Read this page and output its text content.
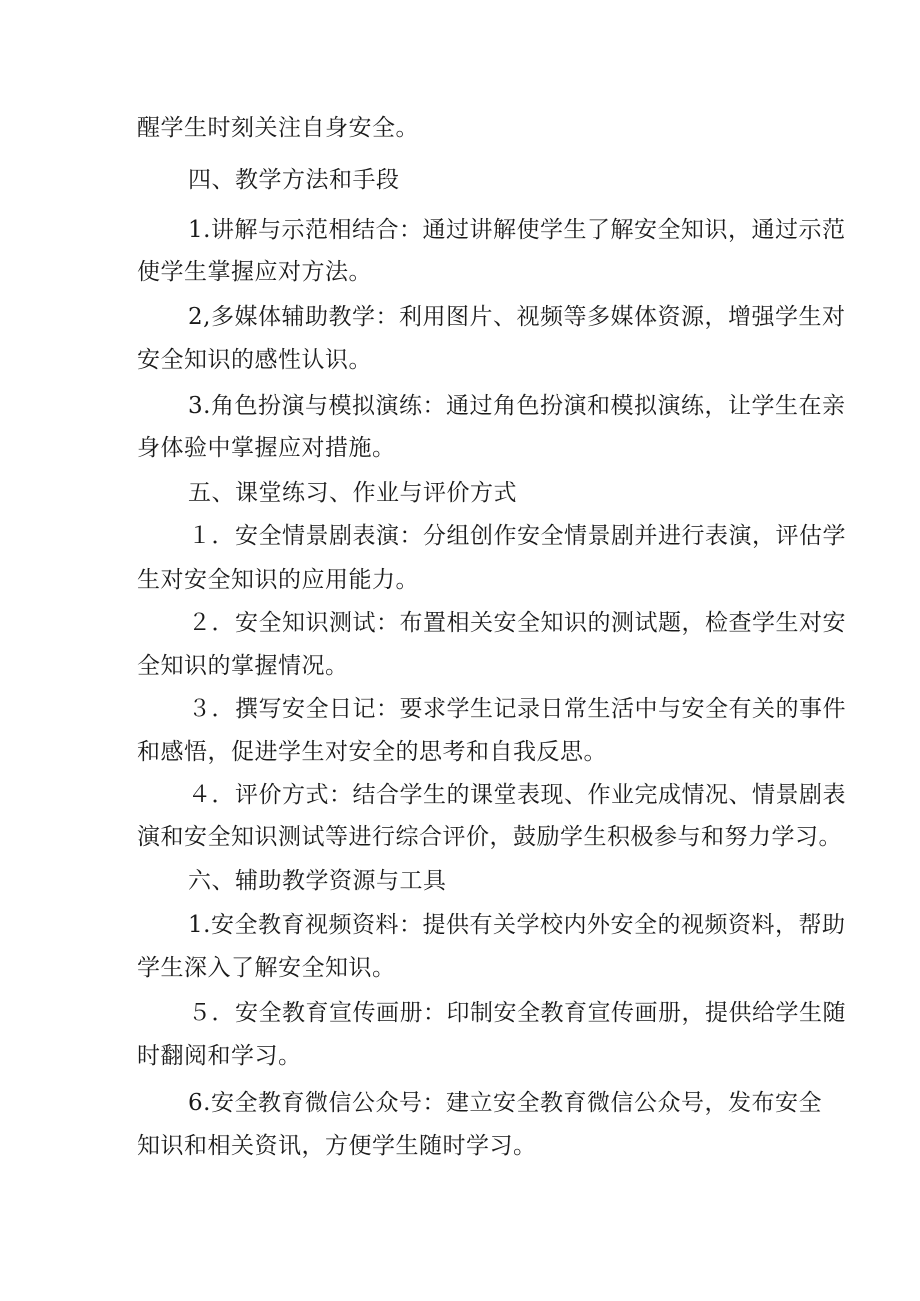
醒学生时刻关注自身安全。
四、教学方法和手段
1.讲解与示范相结合：通过讲解使学生了解安全知识，通过示范
使学生掌握应对方法。
2,多媒体辅助教学：利用图片、视频等多媒体资源，增强学生对
安全知识的感性认识。
3.角色扮演与模拟演练：通过角色扮演和模拟演练，让学生在亲
身体验中掌握应对措施。
五、课堂练习、作业与评价方式
１．安全情景剧表演：分组创作安全情景剧并进行表演，评估学
生对安全知识的应用能力。
２．安全知识测试：布置相关安全知识的测试题，检查学生对安
全知识的掌握情况。
３．撰写安全日记：要求学生记录日常生活中与安全有关的事件
和感悟，促进学生对安全的思考和自我反思。
４．评价方式：结合学生的课堂表现、作业完成情况、情景剧表
演和安全知识测试等进行综合评价，鼓励学生积极参与和努力学习。
六、辅助教学资源与工具
1.安全教育视频资料：提供有关学校内外安全的视频资料，帮助
学生深入了解安全知识。
５．安全教育宣传画册：印制安全教育宣传画册，提供给学生随
时翻阅和学习。
6.安全教育微信公众号：建立安全教育微信公众号，发布安全
知识和相关资讯，方便学生随时学习。
